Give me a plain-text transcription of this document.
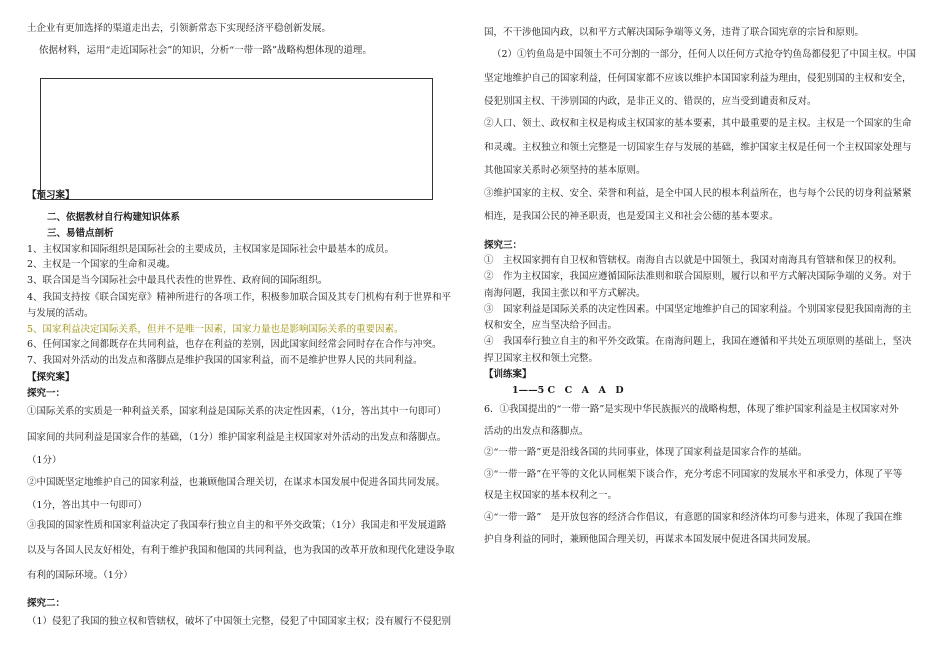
土企业有更加选择的渠道走出去，引领新常态下实现经济平稳创新发展。
依据材料，运用“走近国际社会”的知识，分析“一带一路”战略构想体现的道理。
【预习案】
二、依据教材自行构建知识体系
三、易错点剖析
1、主权国家和国际组织是国际社会的主要成员，主权国家是国际社会中最基本的成员。
2、主权是一个国家的生命和灵魂。
3、联合国是当今国际社会中最具代表性的世界性、政府间的国际组织。
4、我国支持按《联合国宪章》精神所进行的各项工作，积极参加联合国及其专门机构有利于世界和平
与发展的活动。
5、国家利益决定国际关系，但并不是唯一因素，国家力量也是影响国际关系的重要因素。
6、任何国家之间都既存在共同利益，也存在利益的差别，因此国家间经常会同时存在合作与冲突。
7、我国对外活动的出发点和落脚点是维护我国的国家利益，而不是维护世界人民的共同利益。
【探究案】
探究一：
①国际关系的实质是一种利益关系，国家利益是国际关系的决定性因素，（1分，答出其中一句即可）
国家间的共同利益是国家合作的基础，（1分）维护国家利益是主权国家对外活动的出发点和落脚点。
（1分）
②中国既坚定地维护自己的国家利益，也兼顾他国合理关切，在谋求本国发展中促进各国共同发展。
（1分，答出其中一句即可）
③我国的国家性质和国家利益决定了我国奉行独立自主的和平外交政策；（1分）我国走和平发展道路
以及与各国人民友好相处，有利于维护我国和他国的共同利益，也为我国的改革开放和现代化建设争取
有利的国际环境。（1分）
探究二：
（1）侵犯了我国的独立权和管辖权，破坏了中国领土完整，侵犯了中国国家主权；没有履行不侵犯别
国，不干涉他国内政，以和平方式解决国际争端等义务，违背了联合国宪章的宗旨和原则。
（2）①钓鱼岛是中国领土不可分割的一部分，任何人以任何方式抢夺钓鱼岛都侵犯了中国主权。中国
坚定地维护自己的国家利益，任何国家都不应该以维护本国国家利益为理由，侵犯别国的主权和安全，
侵犯别国主权、干涉别国的内政，是非正义的、错误的，应当受到谴责和反对。
②人口、领土、政权和主权是构成主权国家的基本要素，其中最重要的是主权。主权是一个国家的生命
和灵魂。主权独立和领土完整是一切国家生存与发展的基础，维护国家主权是任何一个主权国家处理与
其他国家关系时必须坚持的基本原则。
③维护国家的主权、安全、荣誉和利益，是全中国人民的根本利益所在，也与每个公民的切身利益紧紧
相连，是我国公民的神圣职责，也是爱国主义和社会公德的基本要求。
探究三：
①　主权国家拥有自卫权和管辖权。南海自古以就是中国领土，我国对南海具有管辖和保卫的权利。
②　作为主权国家，我国应遵循国际法准则和联合国原则，履行以和平方式解决国际争端的义务。对于
南海问题，我国主张以和平方式解决。
③　国家利益是国际关系的决定性因素。中国坚定地维护自己的国家利益。个别国家侵犯我国南海的主
权和安全，应当坚决给予回击。
④　我国奉行独立自主的和平外交政策。在南海问题上，我国在遵循和平共处五项原则的基础上，坚决
捍卫国家主权和领土完整。
【训练案】
1——5 C　C　A　A　D
6．①我国提出的“一带一路”是实现中华民族振兴的战略构想，体现了维护国家利益是主权国家对外
活动的出发点和落脚点。
②“一带一路”更是沿线各国的共同事业，体现了国家利益是国家合作的基础。
③“一带一路”在平等的文化认同框架下谈合作，充分考虑不同国家的发展水平和承受力，体现了平等
权是主权国家的基本权利之一。
④“一带一路”　是开放包容的经济合作倡议，有意愿的国家和经济体均可参与进来，体现了我国在维
护自身利益的同时，兼顾他国合理关切，再谋求本国发展中促进各国共同发展。
